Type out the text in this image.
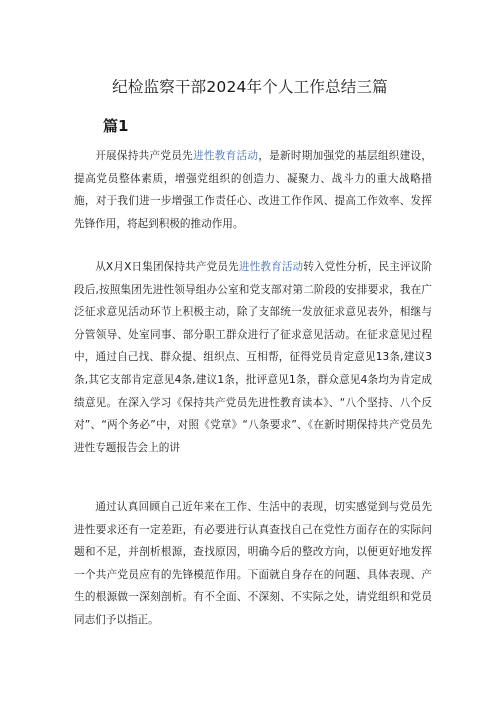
纪检监察干部2024年个人工作总结三篇
篇1

开展保持共产党员先进性教育活动，是新时期加强党的基层组织建设，提高党员整体素质，增强党组织的创造力、凝聚力、战斗力的重大战略措施，对于我们进一步增强工作责任心、改进工作作风、提高工作效率、发挥先锋作用，将起到积极的推动作用。

从X月X日集团保持共产党员先进性教育活动转入党性分析，民主评议阶段后,按照集团先进性领导组办公室和党支部对第二阶段的安排要求，我在广泛征求意见活动环节上积极主动，除了支部统一发放征求意见表外，相继与分管领导、处室同事、部分职工群众进行了征求意见活动。在征求意见过程中，通过自己找、群众提、组织点、互相帮，征得党员肯定意见13条,建议3条,其它支部肯定意见4条,建议1条，批评意见1条，群众意见4条均为肯定成绩意见。在深入学习《保持共产党员先进性教育读本》、“八个坚持、八个反对”、“两个务必”中，对照《党章》“八条要求”、《在新时期保持共产党员先进性专题报告会上的讲

通过认真回顾自己近年来在工作、生活中的表现，切实感觉到与党员先进性要求还有一定差距，有必要进行认真查找自己在党性方面存在的实际问题和不足，并剖析根源，查找原因，明确今后的整改方向，以便更好地发挥一个共产党员应有的先锋模范作用。下面就自身存在的问题、具体表现、产生的根源做一深刻剖析。有不全面、不深刻、不实际之处，请党组织和党员同志们予以指正。
